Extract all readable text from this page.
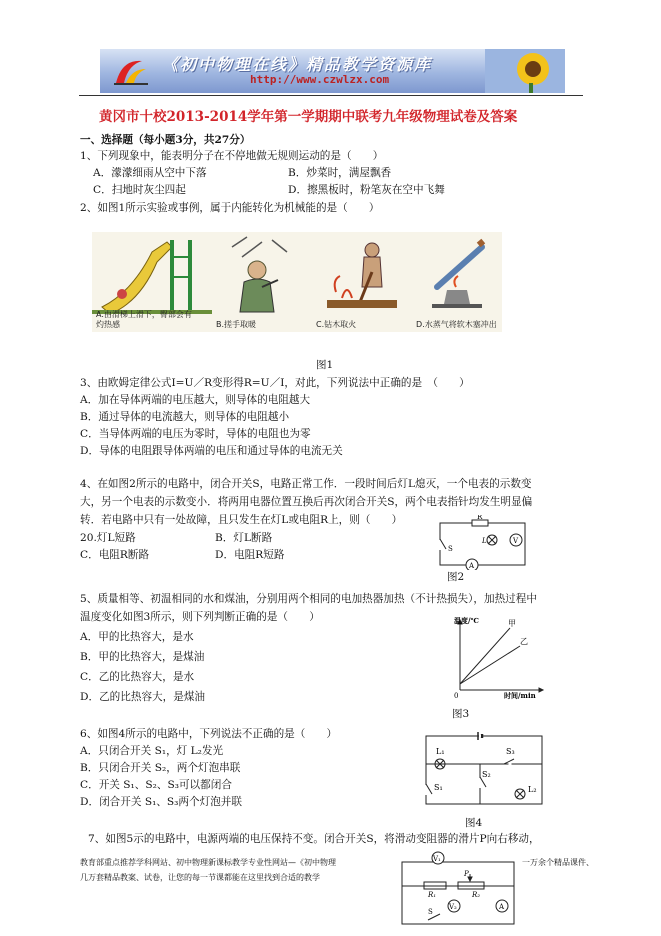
《初中物理在线》精品教学资源库
http://www.czwlzx.com
黄冈市十校2013-2014学年第一学期期中联考九年级物理试卷及答案
一、选择题（每小题3分，共27分）
1、下列现象中，能表明分子在不停地做无规则运动的是（　　）
A．濛濛细雨从空中下落	B．炒菜时，满屋飘香
C．扫地时灰尘四起	D．擦黑板时，粉笔灰在空中飞舞
2、如图1所示实验或事例，属于内能转化为机械能的是（　　）
A.由滑梯上滑下，臀部会有灼热感	B.搓手取暖	C.钻木取火	D.水蒸气将软木塞冲出
图1
3、由欧姆定律公式I=U／R变形得R=U／I，对此，下列说法中正确的是　（　　）
A．加在导体两端的电压越大，则导体的电阻越大
B．通过导体的电流越大，则导体的电阻越小
C．当导体两端的电压为零时，导体的电阻也为零
D．导体的电阻跟导体两端的电压和通过导体的电流无关
4、在如图2所示的电路中，闭合开关S，电路正常工作．一段时间后灯L熄灭，一个电表的示数变
大，另一个电表的示数变小．将两用电器位置互换后再次闭合开关S，两个电表指针均发生明显偏
转．若电路中只有一处故障，且只发生在灯L或电阻R上，则（　　）
20.灯L短路	B．灯L断路
C．电阻R断路	D．电阻R短路
R
L
S
V
A
图2
5、质量相等、初温相同的水和煤油，分别用两个相同的电加热器加热（不计热损失），加热过程中
温度变化如图3所示，则下列判断正确的是（　　）
A．甲的比热容大，是水
B．甲的比热容大，是煤油
C．乙的比热容大，是水
D．乙的比热容大，是煤油
温度/℃
时间/min
0
甲
乙
图3
6、如图4所示的电路中，下列说法不正确的是（　　）
A．只闭合开关 S₁，灯 L₂发光
B．只闭合开关 S₂，两个灯泡串联
C．开关 S₁、S₂、S₃可以都闭合
D．闭合开关 S₁、S₃两个灯泡并联
L₁
L₂
S₁
S₂
S₃
图4
7、如图5示的电路中，电源两端的电压保持不变。闭合开关S，将滑动变阻器的滑片P向右移动，
V₁
V₂	A
R₁	R₂
P
S
教育部重点推荐学科网站、初中物理新课标教学专业性网站—《初中物理	一万余个精品课件、
几万套精品教案、试卷，让您的每一节课都能在这里找到合适的教学
